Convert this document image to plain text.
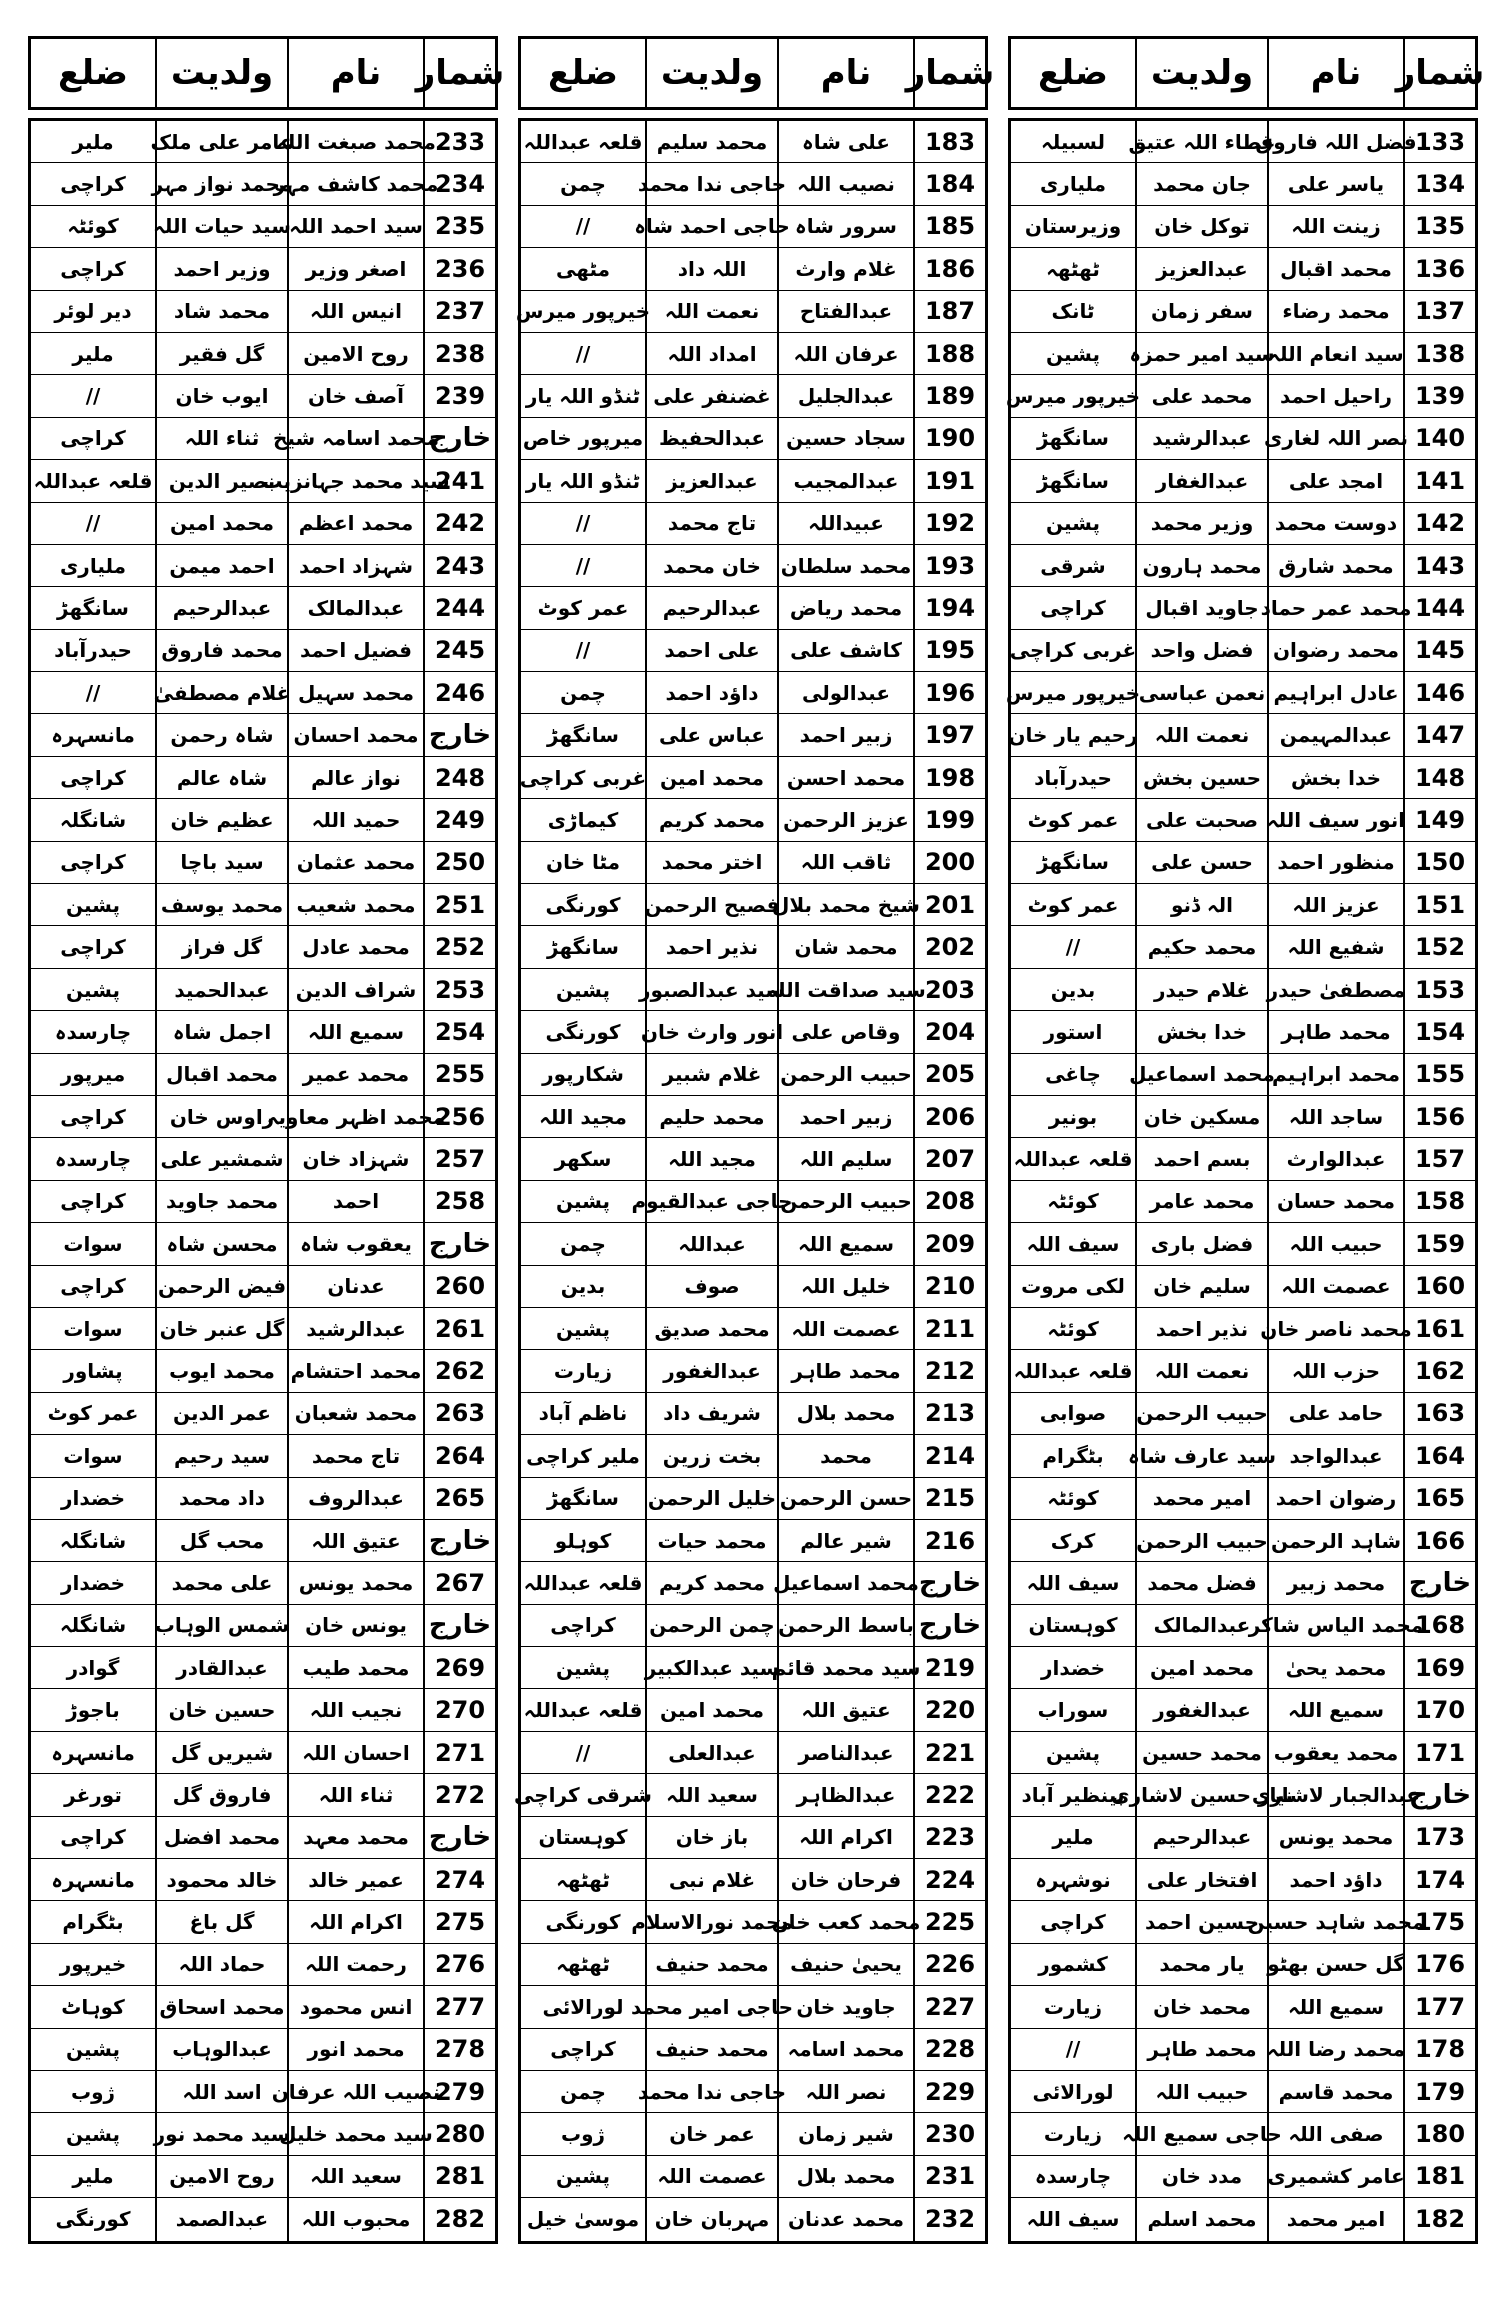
شمار
نام
ولدیت
ضلع
شمار
نام
ولدیت
ضلع
شمار
نام
ولدیت
ضلع
133
فضل اللہ فاروق
عطاء اللہ عتیق
لسبیلہ
134
یاسر علی
جان محمد
ملیاری
135
زینت اللہ
توکل خان
وزیرستان
136
محمد اقبال
عبدالعزیز
ٹھٹھہ
137
محمد رضاء
سفر زمان
ٹانک
138
سید انعام اللہ
سید امیر حمزہ
پشین
139
راحیل احمد
محمد علی
خیرپور میرس
140
نصر اللہ لغاری
عبدالرشید
سانگھڑ
141
امجد علی
عبدالغفار
سانگھڑ
142
دوست محمد
وزیر محمد
پشین
143
محمد شارق
محمد ہارون
شرقی
144
محمد عمر حماد
جاوید اقبال
کراچی
145
محمد رضوان
فضل واحد
غربی کراچی
146
عادل ابراہیم
نعمن عباسی
خیرپور میرس
147
عبدالمہیمن
نعمت اللہ
رحیم یار خان
148
خدا بخش
حسین بخش
حیدرآباد
149
انور سیف اللہ
صحبت علی
عمر کوٹ
150
منظور احمد
حسن علی
سانگھڑ
151
عزیز اللہ
الہ ڈنو
عمر کوٹ
152
شفیع اللہ
محمد حکیم
//
153
مصطفیٰ حیدر
غلام حیدر
بدین
154
محمد طاہر
خدا بخش
استور
155
محمد ابراہیم
محمد اسماعیل
چاغی
156
ساجد اللہ
مسکین خان
بونیر
157
عبدالوارث
بسم احمد
قلعہ عبداللہ
158
محمد حسان
محمد عامر
کوئٹہ
159
حبیب اللہ
فضل باری
سیف اللہ
160
عصمت اللہ
سلیم خان
لکی مروت
161
محمد ناصر خان
نذیر احمد
کوئٹہ
162
حزب اللہ
نعمت اللہ
قلعہ عبداللہ
163
حامد علی
حبیب الرحمن
صوابی
164
عبدالواجد
سید عارف شاہ
بٹگرام
165
رضوان احمد
امیر محمد
کوئٹہ
166
شاہد الرحمن
حبیب الرحمن
کرک
خارج
محمد زبیر
فضل محمد
سیف اللہ
168
محمد الیاس شاکر
عبدالمالک
کوہستان
169
محمد یحیٰ
محمد امین
خضدار
170
سمیع اللہ
عبدالغفور
سوراب
171
محمد یعقوب
محمد حسین
پشین
خارج
عبدالجبار لاشاری
نیاز حسین لاشاری
بینظیر آباد
173
محمد یونس
عبدالرحیم
ملیر
174
داؤد احمد
افتخار علی
نوشہرہ
175
محمد شاہد حسین
حسین احمد
کراچی
176
گل حسن بھٹو
یار محمد
کشمور
177
سمیع اللہ
محمد خان
زیارت
178
محمد رضا اللہ
محمد طاہر
//
179
محمد قاسم
حبیب اللہ
لورالائی
180
صفی اللہ
حاجی سمیع اللہ
زیارت
181
عامر کشمیری
مدد خان
چارسدہ
182
امیر محمد
محمد اسلم
سیف اللہ
183
علی شاہ
محمد سلیم
قلعہ عبداللہ
184
نصیب اللہ
حاجی ندا محمد
چمن
185
سرور شاہ
حاجی احمد شاہ
//
186
غلام وارث
اللہ داد
مٹھی
187
عبدالفتاح
نعمت اللہ
خیرپور میرس
188
عرفان اللہ
امداد اللہ
//
189
عبدالجلیل
غضنفر علی
ٹنڈو اللہ یار
190
سجاد حسین
عبدالحفیظ
میرپور خاص
191
عبدالمجیب
عبدالعزیز
ٹنڈو اللہ یار
192
عبیداللہ
تاج محمد
//
193
محمد سلطان
خان محمد
//
194
محمد ریاض
عبدالرحیم
عمر کوٹ
195
کاشف علی
علی احمد
//
196
عبدالولی
داؤد احمد
چمن
197
زبیر احمد
عباس علی
سانگھڑ
198
محمد احسن
محمد امین
غربی کراچی
199
عزیز الرحمن
محمد کریم
کیماڑی
200
ثاقب اللہ
اختر محمد
مٹا خان
201
شیخ محمد بلال
فصیح الرحمن
کورنگی
202
محمد شان
نذیر احمد
سانگھڑ
203
سید صداقت اللہ
سید عبدالصبور
پشین
204
وقاص علی
انور وارث خان
کورنگی
205
حبیب الرحمن
غلام شبیر
شکارپور
206
زبیر احمد
محمد حلیم
مجید اللہ
207
سلیم اللہ
مجید اللہ
سکھر
208
حبیب الرحمن
حاجی عبدالقیوم
پشین
209
سمیع اللہ
عبداللہ
چمن
210
خلیل اللہ
صوف
بدین
211
عصمت اللہ
محمد صدیق
پشین
212
محمد طاہر
عبدالغفور
زیارت
213
محمد بلال
شریف داد
ناظم آباد
214
محمد
بخت زرین
ملیر کراچی
215
حسن الرحمن
خلیل الرحمن
سانگھڑ
216
شیر عالم
محمد حیات
کوہلو
خارج
محمد اسماعیل
محمد کریم
قلعہ عبداللہ
خارج
باسط الرحمن
چمن الرحمن
کراچی
219
سید محمد قائم
سید عبدالکبیر
پشین
220
عتیق اللہ
محمد امین
قلعہ عبداللہ
221
عبدالناصر
عبدالعلی
//
222
عبدالظاہر
سعید اللہ
شرقی کراچی
223
اکرام اللہ
باز خان
کوہستان
224
فرحان خان
غلام نبی
ٹھٹھہ
225
محمد کعب خان
محمد نورالاسلام
کورنگی
226
یحییٰ حنیف
محمد حنیف
ٹھٹھہ
227
جاوید خان
حاجی امیر محمد
لورالائی
228
محمد اسامہ
محمد حنیف
کراچی
229
نصر اللہ
حاجی ندا محمد
چمن
230
شیر زمان
عمر خان
ژوب
231
محمد بلال
عصمت اللہ
پشین
232
محمد عدنان
مہربان خان
موسیٰ خیل
233
محمد صبغت اللہ
عامر علی ملک
ملیر
234
محمد کاشف مہر
محمد نواز مہر
کراچی
235
سید احمد اللہ
سید حیات اللہ
کوئٹہ
236
اصغر وزیر
وزیر احمد
کراچی
237
انیس اللہ
محمد شاد
دیر لوئر
238
روح الامین
گل فقیر
ملیر
239
آصف خان
ایوب خان
//
خارج
محمد اسامہ شیخ
ثناء اللہ
کراچی
241
سید محمد جہانزیب
نصیر الدین
قلعہ عبداللہ
242
محمد اعظم
محمد امین
//
243
شہزاد احمد
احمد میمن
ملیاری
244
عبدالمالک
عبدالرحیم
سانگھڑ
245
فضیل احمد
محمد فاروق
حیدرآباد
246
محمد سہیل
غلام مصطفیٰ
//
خارج
محمد احسان
شاہ رحمن
مانسہرہ
248
نواز عالم
شاہ عالم
کراچی
249
حمید اللہ
عظیم خان
شانگلہ
250
محمد عثمان
سید باچا
کراچی
251
محمد شعیب
محمد یوسف
پشین
252
محمد عادل
گل فراز
کراچی
253
شراف الدین
عبدالحمید
پشین
254
سمیع اللہ
اجمل شاہ
چارسدہ
255
محمد عمیر
محمد اقبال
میرپور
256
محمد اظہر معاویہ
راوس خان
کراچی
257
شہزاد خان
شمشیر علی
چارسدہ
258
احمد
محمد جاوید
کراچی
خارج
یعقوب شاہ
محسن شاہ
سوات
260
عدنان
فیض الرحمن
کراچی
261
عبدالرشید
گل عنبر خان
سوات
262
محمد احتشام
محمد ایوب
پشاور
263
محمد شعبان
عمر الدین
عمر کوٹ
264
تاج محمد
سید رحیم
سوات
265
عبدالروف
داد محمد
خضدار
خارج
عتیق اللہ
محب گل
شانگلہ
267
محمد یونس
علی محمد
خضدار
خارج
یونس خان
شمس الوہاب
شانگلہ
269
محمد طیب
عبدالقادر
گوادر
270
نجیب اللہ
حسین خان
باجوڑ
271
احسان اللہ
شیریں گل
مانسہرہ
272
ثناء اللہ
فاروق گل
تورغر
خارج
محمد معہد
محمد افضل
کراچی
274
عمیر خالد
خالد محمود
مانسہرہ
275
اکرام اللہ
گل باغ
بٹگرام
276
رحمت اللہ
حماد اللہ
خیرپور
277
انس محمود
محمد اسحاق
کوہاٹ
278
محمد انور
عبدالوہاب
پشین
279
نصیب اللہ عرفان
اسد اللہ
ژوب
280
سید محمد خلیل
سید محمد نور
پشین
281
سعید اللہ
روح الامین
ملیر
282
محبوب اللہ
عبدالصمد
کورنگی
